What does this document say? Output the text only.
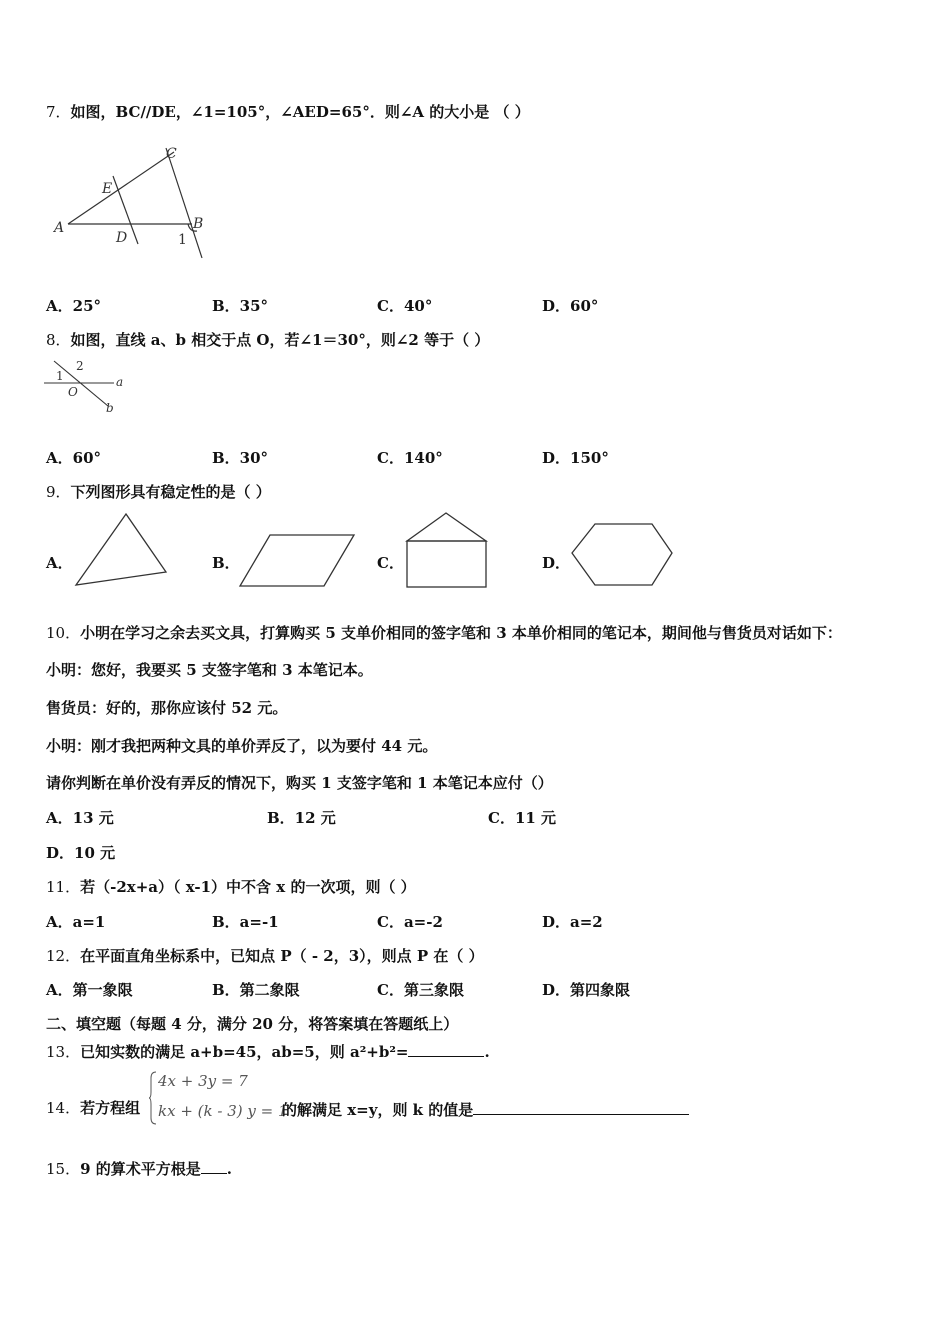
7．如图，BC//DE，∠1=105°，∠AED=65°．则∠A 的大小是 （ ）
A
C
E
D
B
1
A．25°	B．35°	C．40°	D．60°
8．如图，直线 a、b 相交于点 O，若∠1＝30°，则∠2 等于（ ）
1
2
O
a
b
A．60°	B．30°	C．140°	D．150°
9．下列图形具有稳定性的是（ ）
A．	B．	C．	D．
10．小明在学习之余去买文具，打算购买 5 支单价相同的签字笔和 3 本单价相同的笔记本，期间他与售货员对话如下：
小明：您好，我要买 5 支签字笔和 3 本笔记本。
售货员：好的，那你应该付 52 元。
小明：刚才我把两种文具的单价弄反了，以为要付 44 元。
请你判断在单价没有弄反的情况下，购买 1 支签字笔和 1 本笔记本应付（）
A．13 元	B．12 元	C．11 元
D．10 元
11．若（-2x+a）（ x-1）中不含 x 的一次项，则（ ）
A．a=1	B．a=-1	C．a=-2	D．a=2
12．在平面直角坐标系中，已知点 P（ - 2，3），则点 P 在（ ）
A．第一象限	B．第二象限	C．第三象限	D．第四象限
二、填空题（每题 4 分，满分 20 分，将答案填在答题纸上）
13．已知实数的满足 a+b=45，ab=5，则 a²+b²=	.
14．若方程组
4x + 3y = 7
kx + (k - 3) y = 1
的解满足 x=y，则 k 的值是
15．9 的算术平方根是 .
